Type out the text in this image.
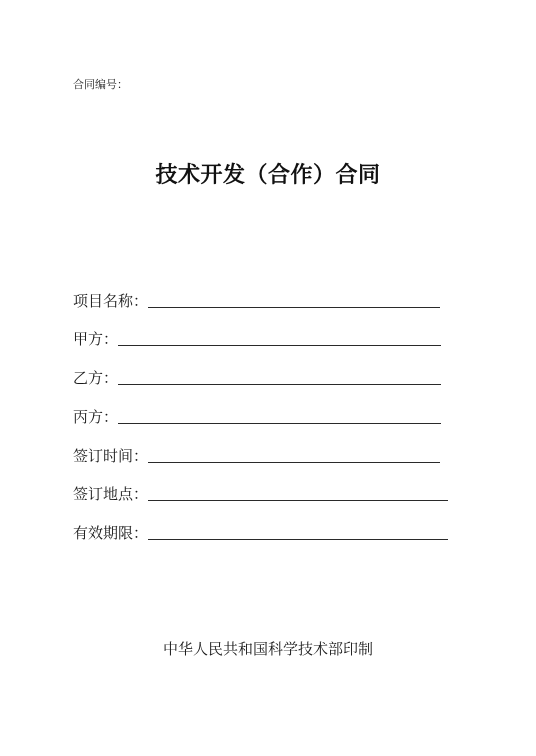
合同编号：
技术开发（合作）合同
项目名称：
甲方：
乙方：
丙方：
签订时间：
签订地点：
有效期限：
中华人民共和国科学技术部印制
